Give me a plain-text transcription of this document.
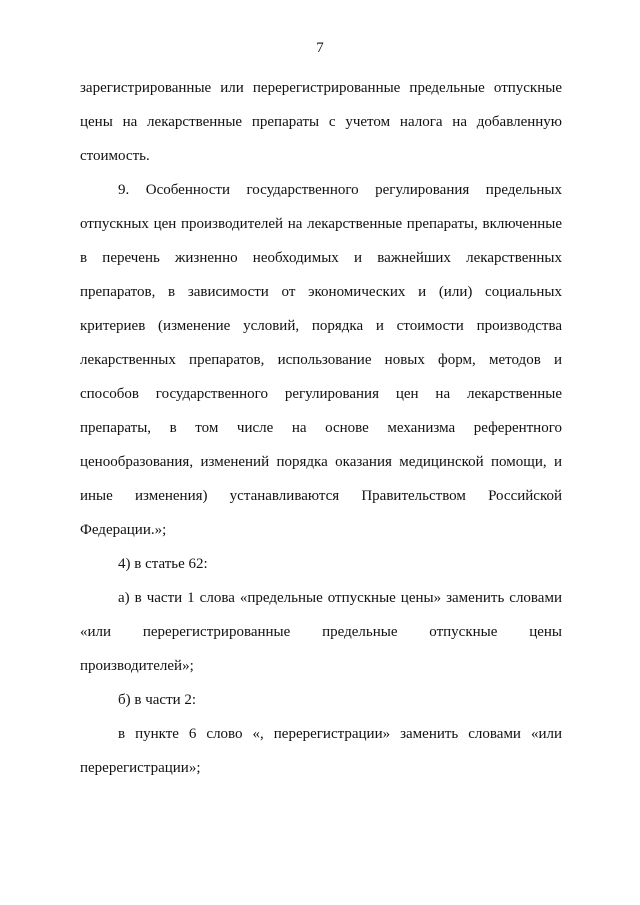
7

зарегистрированные или перерегистрированные предельные отпускные цены на лекарственные препараты с учетом налога на добавленную стоимость.

9. Особенности государственного регулирования предельных отпускных цен производителей на лекарственные препараты, включенные в перечень жизненно необходимых и важнейших лекарственных препаратов, в зависимости от экономических и (или) социальных критериев (изменение условий, порядка и стоимости производства лекарственных препаратов, использование новых форм, методов и способов государственного регулирования цен на лекарственные препараты, в том числе на основе механизма референтного ценообразования, изменений порядка оказания медицинской помощи, и иные изменения) устанавливаются Правительством Российской Федерации.»;

4) в статье 62:

а) в части 1 слова «предельные отпускные цены» заменить словами «или перерегистрированные предельные отпускные цены производителей»;

б) в части 2:

в пункте 6 слово «, перерегистрации» заменить словами «или перерегистрации»;
